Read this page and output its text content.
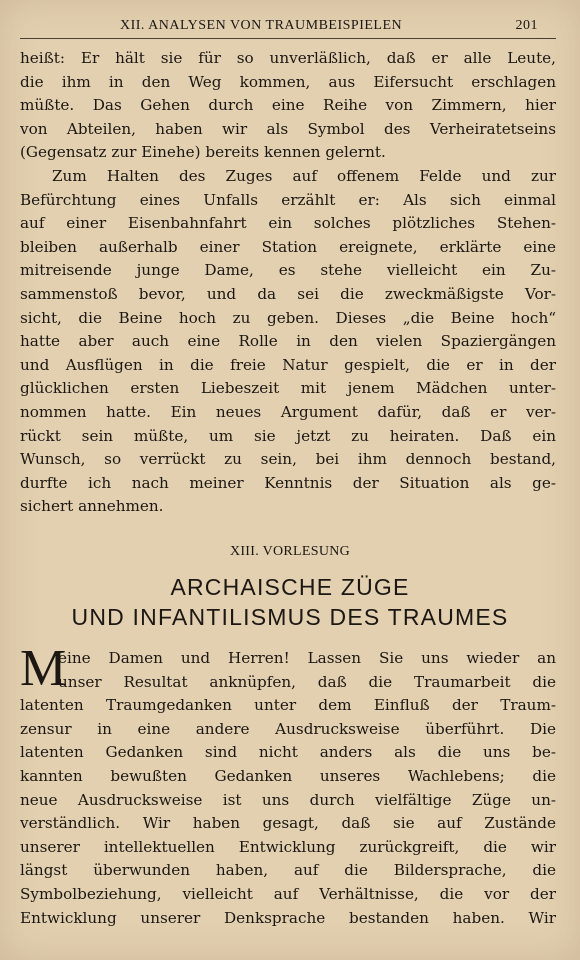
XII. ANALYSEN VON TRAUMBEISPIELEN	201
heißt: Er hält sie für so unverläßlich, daß er alle Leute,
die ihm in den Weg kommen, aus Eifersucht erschlagen
müßte. Das Gehen durch eine Reihe von Zimmern, hier
von Abteilen, haben wir als Symbol des Verheiratetseins
(Gegensatz zur Einehe) bereits kennen gelernt.
Zum Halten des Zuges auf offenem Felde und zur
Befürchtung eines Unfalls erzählt er: Als sich einmal
auf einer Eisenbahnfahrt ein solches plötzliches Stehen-
bleiben außerhalb einer Station ereignete, erklärte eine
mitreisende junge Dame, es stehe vielleicht ein Zu-
sammenstoß bevor, und da sei die zweckmäßigste Vor-
sicht, die Beine hoch zu geben. Dieses „die Beine hoch“
hatte aber auch eine Rolle in den vielen Spaziergängen
und Ausflügen in die freie Natur gespielt, die er in der
glücklichen ersten Liebeszeit mit jenem Mädchen unter-
nommen hatte. Ein neues Argument dafür, daß er ver-
rückt sein müßte, um sie jetzt zu heiraten. Daß ein
Wunsch, so verrückt zu sein, bei ihm dennoch bestand,
durfte ich nach meiner Kenntnis der Situation als ge-
sichert annehmen.
XIII. VORLESUNG
ARCHAISCHE ZÜGE
UND INFANTILISMUS DES TRAUMES
M
eine Damen und Herren! Lassen Sie uns wieder an
unser Resultat anknüpfen, daß die Traumarbeit die
latenten Traumgedanken unter dem Einfluß der Traum-
zensur in eine andere Ausdrucksweise überführt. Die
latenten Gedanken sind nicht anders als die uns be-
kannten bewußten Gedanken unseres Wachlebens; die
neue Ausdrucksweise ist uns durch vielfältige Züge un-
verständlich. Wir haben gesagt, daß sie auf Zustände
unserer intellektuellen Entwicklung zurückgreift, die wir
längst überwunden haben, auf die Bildersprache, die
Symbolbeziehung, vielleicht auf Verhältnisse, die vor der
Entwicklung unserer Denksprache bestanden haben. Wir
